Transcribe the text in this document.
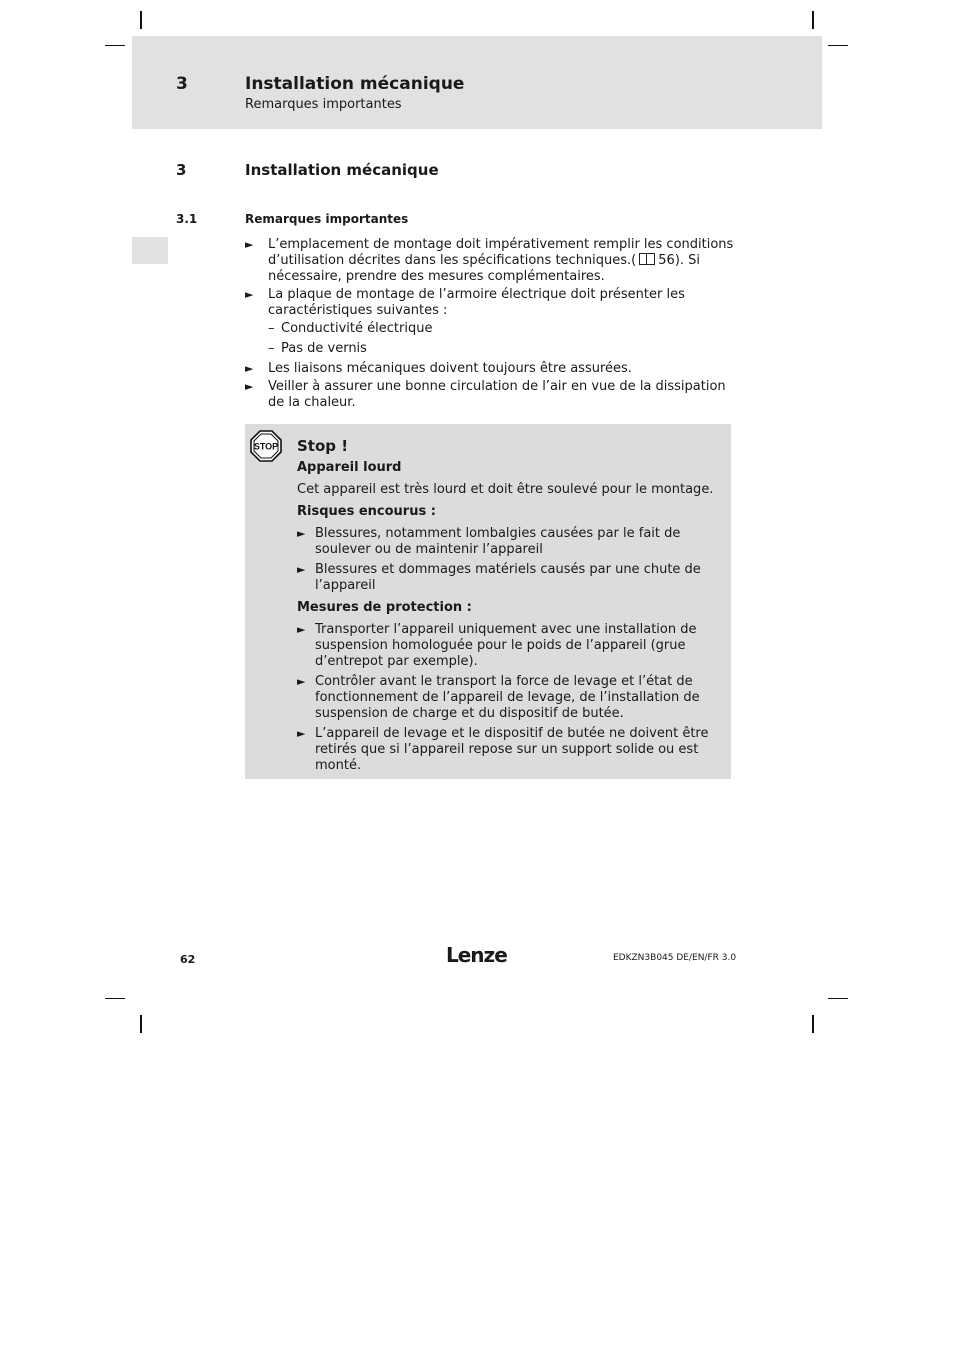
3	Installation mécanique
Remarques importantes
3	Installation mécanique
3.1	Remarques importantes
► L’emplacement de montage doit impérativement remplir les conditions d’utilisation décrites dans les spécifications techniques.( 56). Si nécessaire, prendre des mesures complémentaires.
► La plaque de montage de l’armoire électrique doit présenter les caractéristiques suivantes :
– Conductivité électrique
– Pas de vernis
► Les liaisons mécaniques doivent toujours être assurées.
► Veiller à assurer une bonne circulation de l’air en vue de la dissipation de la chaleur.
STOP Stop !
Appareil lourd
Cet appareil est très lourd et doit être soulevé pour le montage.
Risques encourus :
► Blessures, notamment lombalgies causées par le fait de soulever ou de maintenir l’appareil
► Blessures et dommages matériels causés par une chute de l’appareil
Mesures de protection :
► Transporter l’appareil uniquement avec une installation de suspension homologuée pour le poids de l’appareil (grue d’entrepot par exemple).
► Contrôler avant le transport la force de levage et l’état de fonctionnement de l’appareil de levage, de l’installation de suspension de charge et du dispositif de butée.
► L’appareil de levage et le dispositif de butée ne doivent être retirés que si l’appareil repose sur un support solide ou est monté.
62	Lenze	EDKZN3B045 DE/EN/FR 3.0
